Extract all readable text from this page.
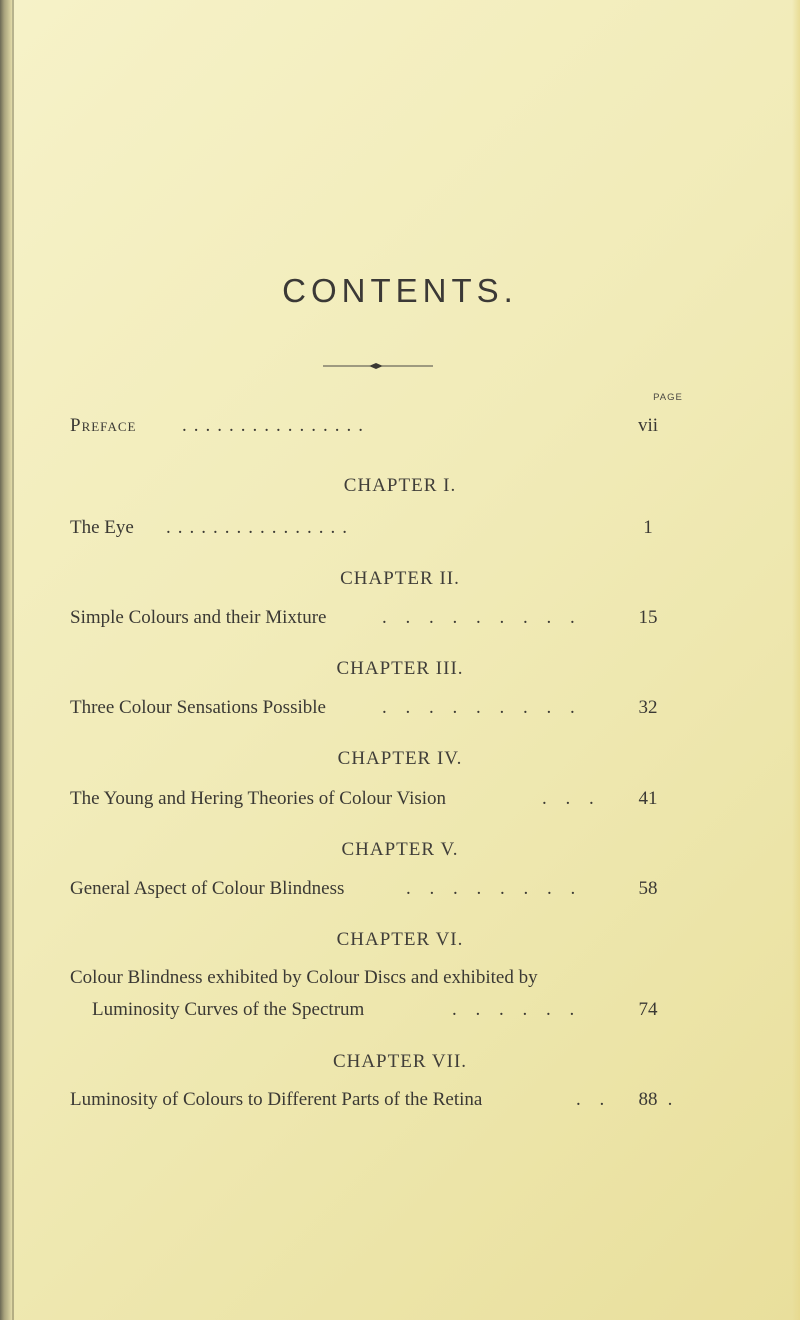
CONTENTS.
PAGE
Preface ................	vii
CHAPTER I.
The Eye ................	1
CHAPTER II.
Simple Colours and their Mixture	. . . . . . . . .	15
CHAPTER III.
Three Colour Sensations Possible	. . . . . . . . .	32
CHAPTER IV.
The Young and Hering Theories of Colour Vision	. . .	41
CHAPTER V.
General Aspect of Colour Blindness	. . . . . . . .	58
CHAPTER VI.
Colour Blindness exhibited by Colour Discs and exhibited by
Luminosity Curves of the Spectrum	. . . . . .	74
CHAPTER VII.
Luminosity of Colours to Different Parts of the Retina	. .	88 .
